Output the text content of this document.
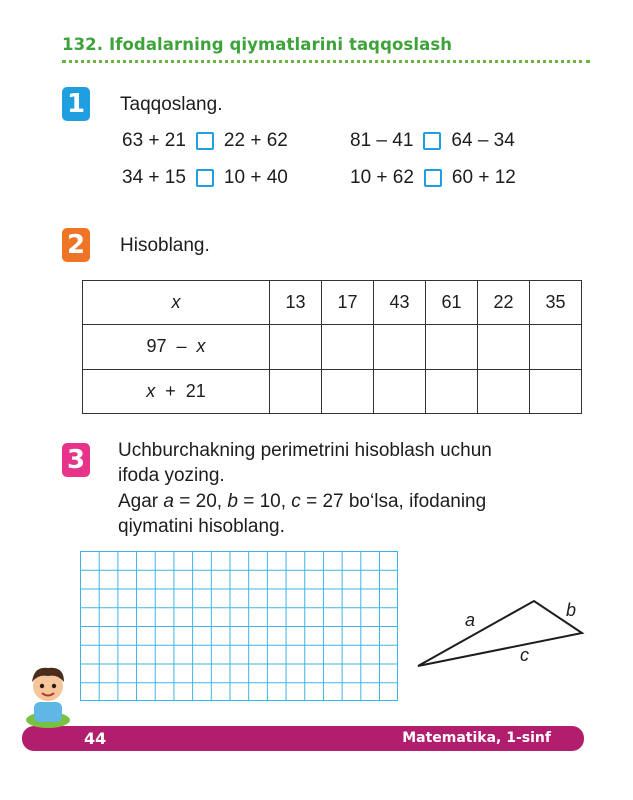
132. Ifodalarning qiymatlarini taqqoslash
1 Taqqoslang.
63 + 21 22 + 62	81 – 41 64 – 34
34 + 15 10 + 40	10 + 62 60 + 12
2 Hisoblang.
x	13	17	43	61	22	35
97 – x						
x + 21						
3 Uchburchakning perimetrini hisoblash uchun
ifoda yozing.
Agar a = 20, b = 10, c = 27 bo‘lsa, ifodaning
qiymatini hisoblang.
a	b
c
44	Matematika, 1-sinf
